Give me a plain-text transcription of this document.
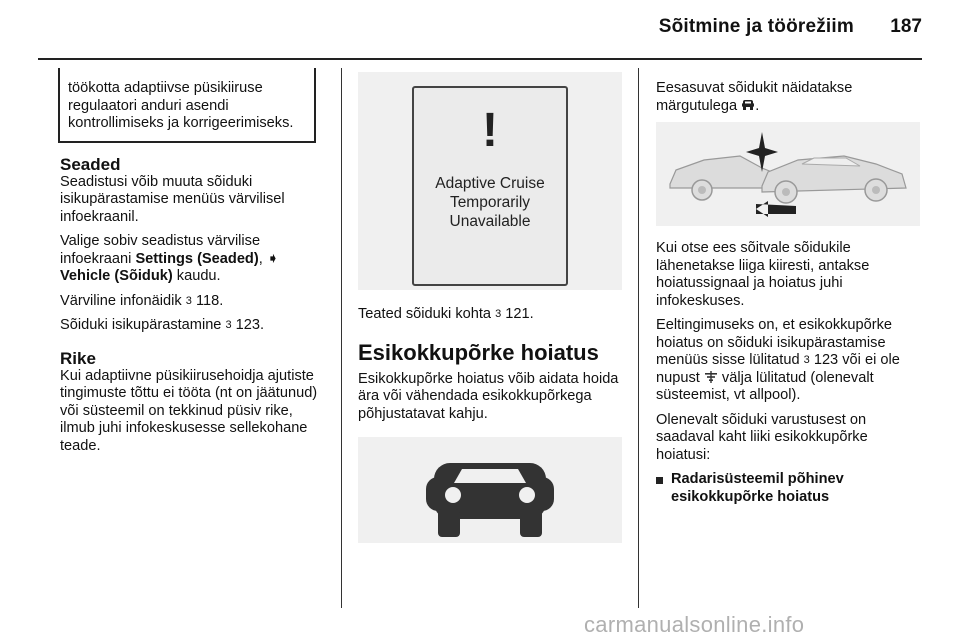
Sõitmine ja töörežiim	187
töökotta adaptiivse püsikiiruse regulaatori anduri asendi kontrollimiseks ja korrigeerimiseks.
Seaded

Seadistusi võib muuta sõiduki isikupärastamise menüüs värvilisel infoekraanil.

Valige sobiv seadistus värvilise infoekraani Settings (Seaded), ➧ Vehicle (Sõiduk) kaudu.

Värviline infonäidik 3 118.

Sõiduki isikupärastamine 3 123.

Rike

Kui adaptiivne püsikiirusehoidja ajutiste tingimuste tõttu ei tööta (nt on jäätunud) või süsteemil on tekkinud püsiv rike, ilmub juhi infokeskusesse sellekohane teade.

!
Adaptive Cruise
Temporarily
Unavailable

Teated sõiduki kohta 3 121.

Esikokkupõrke hoiatus

Esikokkupõrke hoiatus võib aidata hoida ära või vähendada esikokkupõrkega põhjustatavat kahju.

Eesasuvat sõidukit näidatakse märgutulega .

Kui otse ees sõitvale sõidukile lähenetakse liiga kiiresti, antakse hoiatussignaal ja hoiatus juhi infokeskuses.

Eeltingimuseks on, et esikokkupõrke hoiatus on sõiduki isikupärastamise menüüs sisse lülitatud 3 123 või ei ole nupust  välja lülitatud (olenevalt süsteemist, vt allpool).

Olenevalt sõiduki varustusest on saadaval kaht liiki esikokkupõrke hoiatusi:

Radarisüsteemil põhinev esikokkupõrke hoiatus
carmanualsonline.info
